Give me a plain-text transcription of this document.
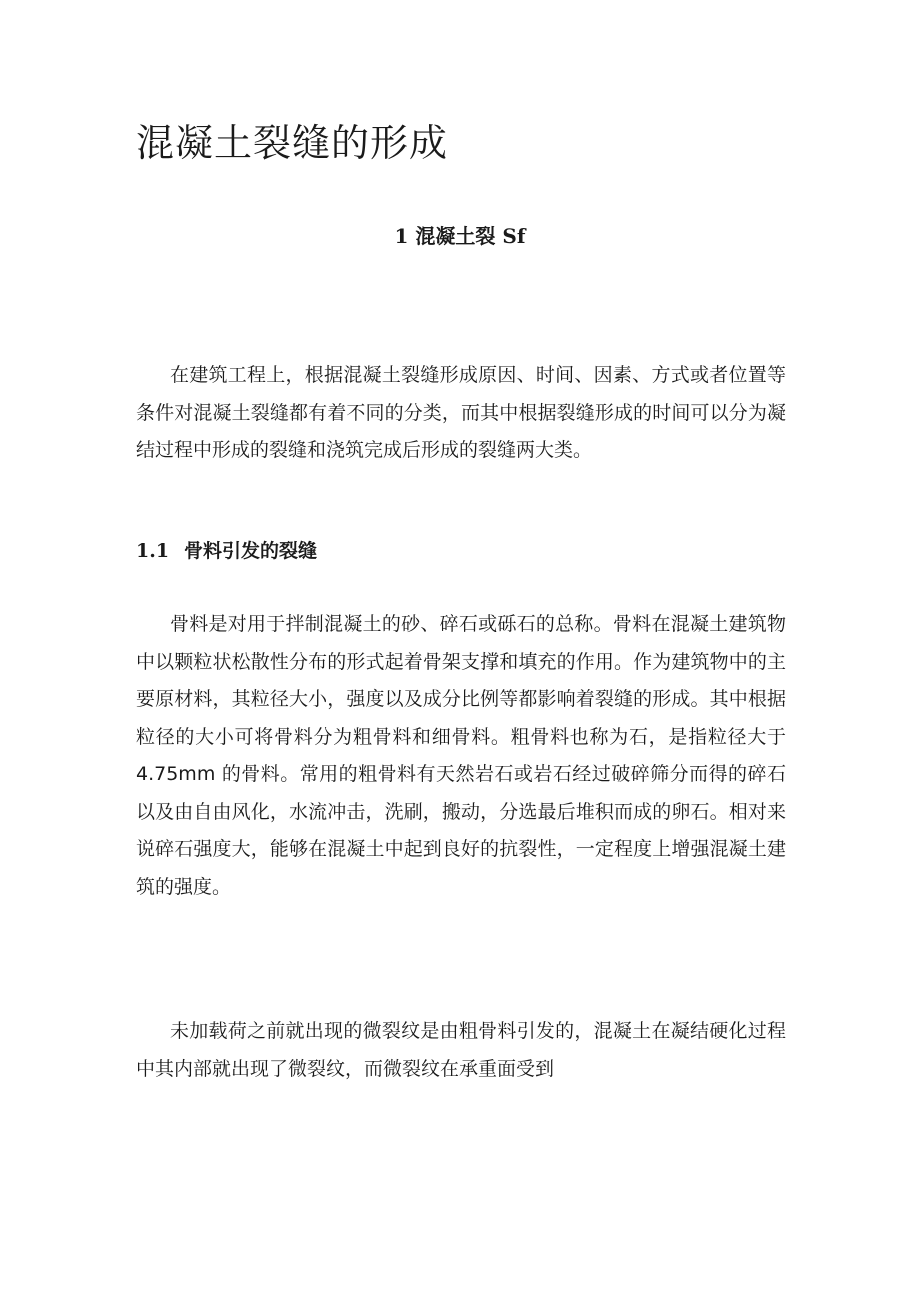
混凝土裂缝的形成
1 混凝土裂 Sf

在建筑工程上，根据混凝土裂缝形成原因、时间、因素、方式或者位置等条件对混凝土裂缝都有着不同的分类，而其中根据裂缝形成的时间可以分为凝结过程中形成的裂缝和浇筑完成后形成的裂缝两大类。

1.1 骨料引发的裂缝

骨料是对用于拌制混凝土的砂、碎石或砾石的总称。骨料在混凝土建筑物中以颗粒状松散性分布的形式起着骨架支撑和填充的作用。作为建筑物中的主要原材料，其粒径大小，强度以及成分比例等都影响着裂缝的形成。其中根据粒径的大小可将骨料分为粗骨料和细骨料。粗骨料也称为石，是指粒径大于 4.75mm 的骨料。常用的粗骨料有天然岩石或岩石经过破碎筛分而得的碎石以及由自由风化，水流冲击，洗刷，搬动，分选最后堆积而成的卵石。相对来说碎石强度大，能够在混凝土中起到良好的抗裂性，一定程度上增强混凝土建筑的强度。

未加载荷之前就出现的微裂纹是由粗骨料引发的，混凝土在凝结硬化过程中其内部就出现了微裂纹，而微裂纹在承重面受到
